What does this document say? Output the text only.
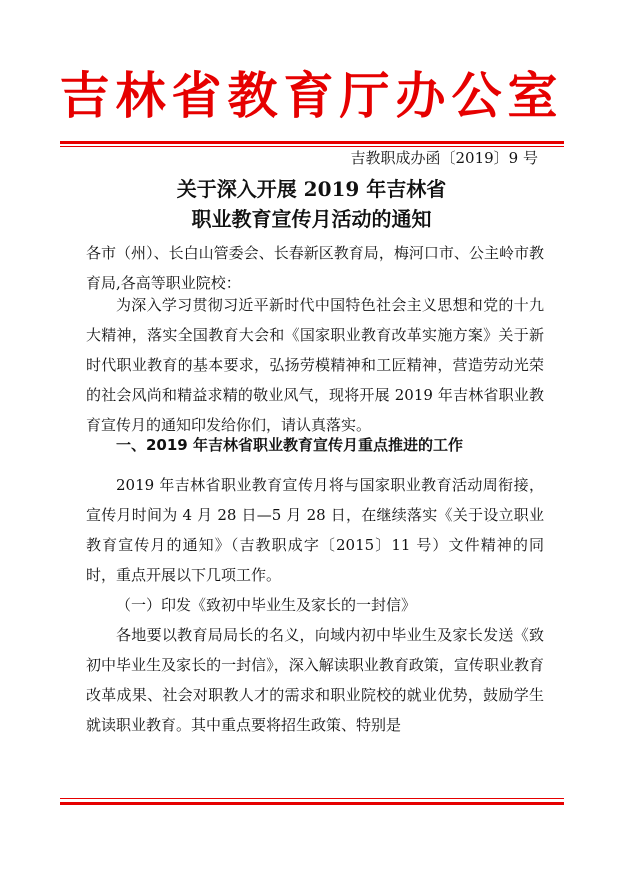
吉林省教育厅办公室
吉教职成办函〔2019〕9 号
关于深入开展 2019 年吉林省
职业教育宣传月活动的通知

各市（州）、长白山管委会、长春新区教育局，梅河口市、公主岭市教育局,各高等职业院校：

为深入学习贯彻习近平新时代中国特色社会主义思想和党的十九大精神，落实全国教育大会和《国家职业教育改革实施方案》关于新时代职业教育的基本要求，弘扬劳模精神和工匠精神，营造劳动光荣的社会风尚和精益求精的敬业风气，现将开展 2019 年吉林省职业教育宣传月的通知印发给你们，请认真落实。

一、2019 年吉林省职业教育宣传月重点推进的工作

2019 年吉林省职业教育宣传月将与国家职业教育活动周衔接，宣传月时间为 4 月 28 日—5 月 28 日，在继续落实《关于设立职业教育宣传月的通知》（吉教职成字〔2015〕11 号）文件精神的同时，重点开展以下几项工作。

（一）印发《致初中毕业生及家长的一封信》

各地要以教育局局长的名义，向域内初中毕业生及家长发送《致初中毕业生及家长的一封信》，深入解读职业教育政策，宣传职业教育改革成果、社会对职教人才的需求和职业院校的就业优势，鼓励学生就读职业教育。其中重点要将招生政策、特别是
